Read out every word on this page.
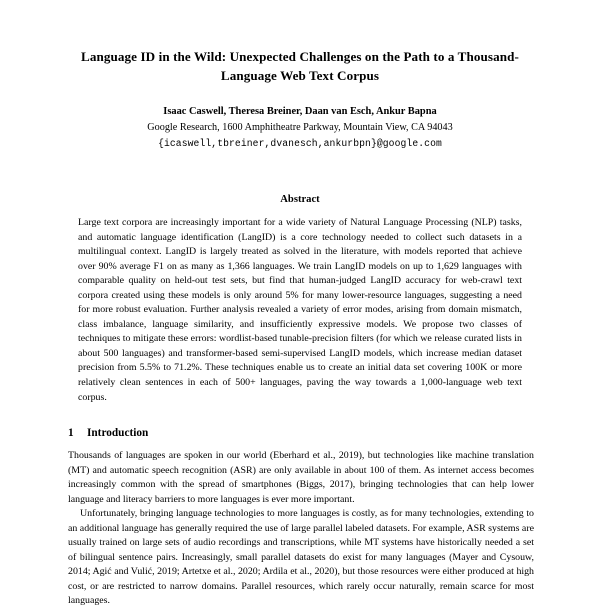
Language ID in the Wild: Unexpected Challenges on the Path to a Thousand-Language Web Text Corpus
Isaac Caswell, Theresa Breiner, Daan van Esch, Ankur Bapna
Google Research, 1600 Amphitheatre Parkway, Mountain View, CA 94043
{icaswell,tbreiner,dvanesch,ankurbpn}@google.com
Abstract
Large text corpora are increasingly important for a wide variety of Natural Language Processing (NLP) tasks, and automatic language identification (LangID) is a core technology needed to collect such datasets in a multilingual context. LangID is largely treated as solved in the literature, with models reported that achieve over 90% average F1 on as many as 1,366 languages. We train LangID models on up to 1,629 languages with comparable quality on held-out test sets, but find that human-judged LangID accuracy for web-crawl text corpora created using these models is only around 5% for many lower-resource languages, suggesting a need for more robust evaluation. Further analysis revealed a variety of error modes, arising from domain mismatch, class imbalance, language similarity, and insufficiently expressive models. We propose two classes of techniques to mitigate these errors: wordlist-based tunable-precision filters (for which we release curated lists in about 500 languages) and transformer-based semi-supervised LangID models, which increase median dataset precision from 5.5% to 71.2%. These techniques enable us to create an initial data set covering 100K or more relatively clean sentences in each of 500+ languages, paving the way towards a 1,000-language web text corpus.
1 Introduction

Thousands of languages are spoken in our world (Eberhard et al., 2019), but technologies like machine translation (MT) and automatic speech recognition (ASR) are only available in about 100 of them. As internet access becomes increasingly common with the spread of smartphones (Biggs, 2017), bringing technologies that can help lower language and literacy barriers to more languages is ever more important.

Unfortunately, bringing language technologies to more languages is costly, as for many technologies, extending to an additional language has generally required the use of large parallel labeled datasets. For example, ASR systems are usually trained on large sets of audio recordings and transcriptions, while MT systems have historically needed a set of bilingual sentence pairs. Increasingly, small parallel datasets do exist for many languages (Mayer and Cysouw, 2014; Agić and Vulić, 2019; Artetxe et al., 2020; Ardila et al., 2020), but those resources were either produced at high cost, or are restricted to narrow domains. Parallel resources, which rarely occur naturally, remain scarce for most languages.
